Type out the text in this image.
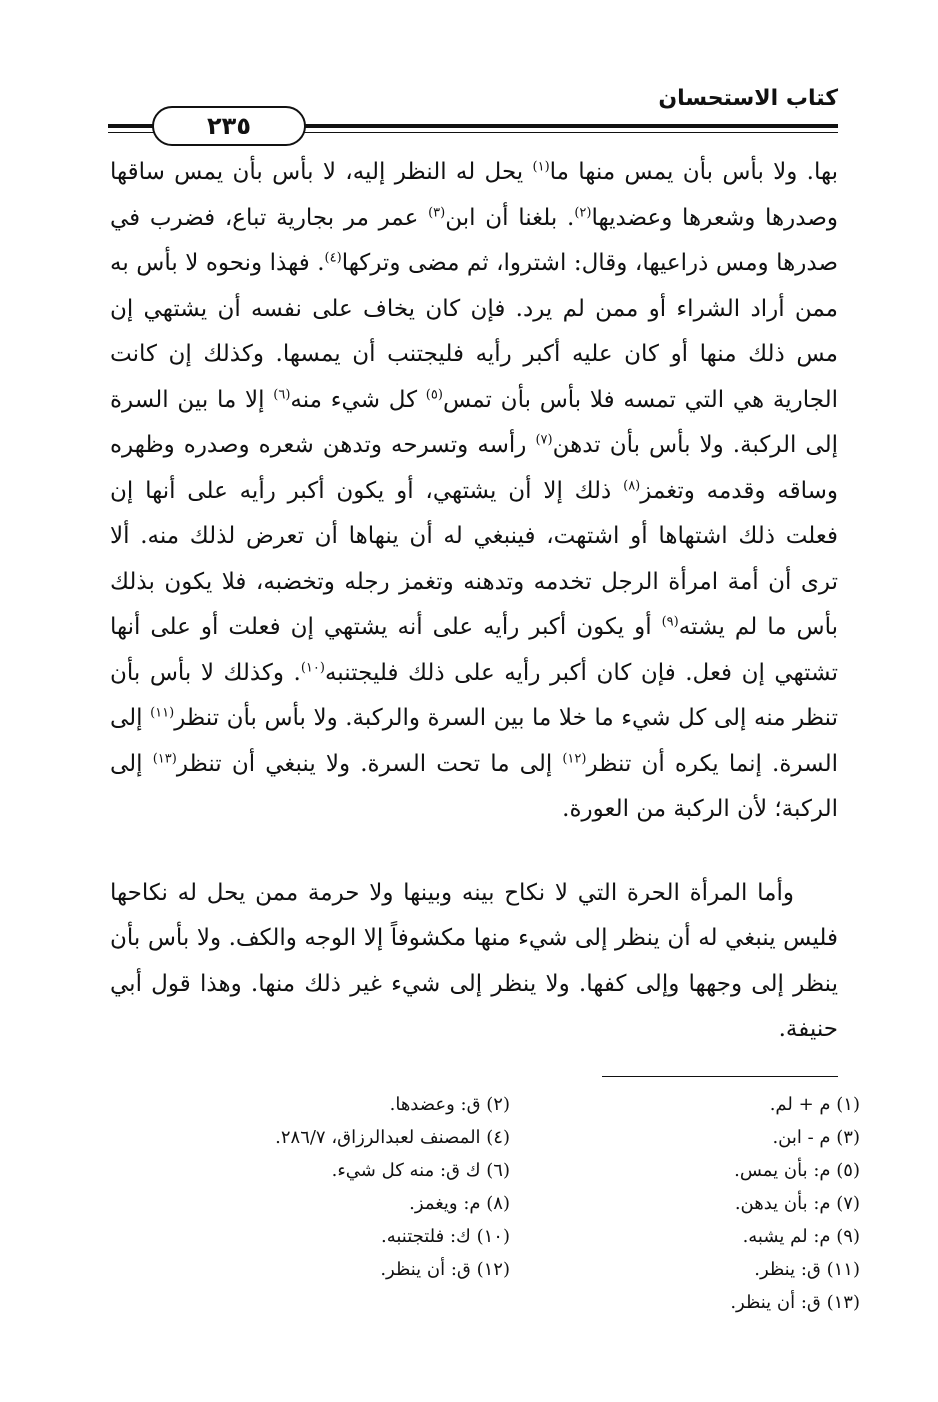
كتاب الاستحسان
٢٣٥

بها. ولا بأس بأن يمس منها ما$^{(١)}$ يحل له النظر إليه، لا بأس بأن يمس ساقها وصدرها وشعرها وعضديها$^{(٢)}$. بلغنا أن ابن$^{(٣)}$ عمر مر بجارية تباع، فضرب في صدرها ومس ذراعيها، وقال: اشتروا، ثم مضى وتركها$^{(٤)}$. فهذا ونحوه لا بأس به ممن أراد الشراء أو ممن لم يرد. فإن كان يخاف على نفسه أن يشتهي إن مس ذلك منها أو كان عليه أكبر رأيه فليجتنب أن يمسها. وكذلك إن كانت الجارية هي التي تمسه فلا بأس بأن تمس$^{(٥)}$ كل شيء منه$^{(٦)}$ إلا ما بين السرة إلى الركبة. ولا بأس بأن تدهن$^{(٧)}$ رأسه وتسرحه وتدهن شعره وصدره وظهره وساقه وقدمه وتغمز$^{(٨)}$ ذلك إلا أن يشتهي، أو يكون أكبر رأيه على أنها إن فعلت ذلك اشتهاها أو اشتهت، فينبغي له أن ينهاها أن تعرض لذلك منه. ألا ترى أن أمة امرأة الرجل تخدمه وتدهنه وتغمز رجله وتخضبه، فلا يكون بذلك بأس ما لم يشته$^{(٩)}$ أو يكون أكبر رأيه على أنه يشتهي إن فعلت أو على أنها تشتهي إن فعل. فإن كان أكبر رأيه على ذلك فليجتنبه$^{(١٠)}$. وكذلك لا بأس بأن تنظر منه إلى كل شيء ما خلا ما بين السرة والركبة. ولا بأس بأن تنظر$^{(١١)}$ إلى السرة. إنما يكره أن تنظر$^{(١٢)}$ إلى ما تحت السرة. ولا ينبغي أن تنظر$^{(١٣)}$ إلى الركبة؛ لأن الركبة من العورة.

وأما المرأة الحرة التي لا نكاح بينه وبينها ولا حرمة ممن يحل له نكاحها فليس ينبغي له أن ينظر إلى شيء منها مكشوفاً إلا الوجه والكف. ولا بأس بأن ينظر إلى وجهها وإلى كفها. ولا ينظر إلى شيء غير ذلك منها. وهذا قول أبي حنيفة.

(١) م + لم.
(٣) م - ابن.
(٥) م: بأن يمس.
(٧) م: بأن يدهن.
(٩) م: لم يشبه.
(١١) ق: ينظر.
(١٣) ق: أن ينظر.
(٢) ق: وعضدها.
(٤) المصنف لعبدالرزاق، ٢٨٦/٧.
(٦) ك ق: منه كل شيء.
(٨) م: ويغمز.
(١٠) ك: فلتجتنبه.
(١٢) ق: أن ينظر.
